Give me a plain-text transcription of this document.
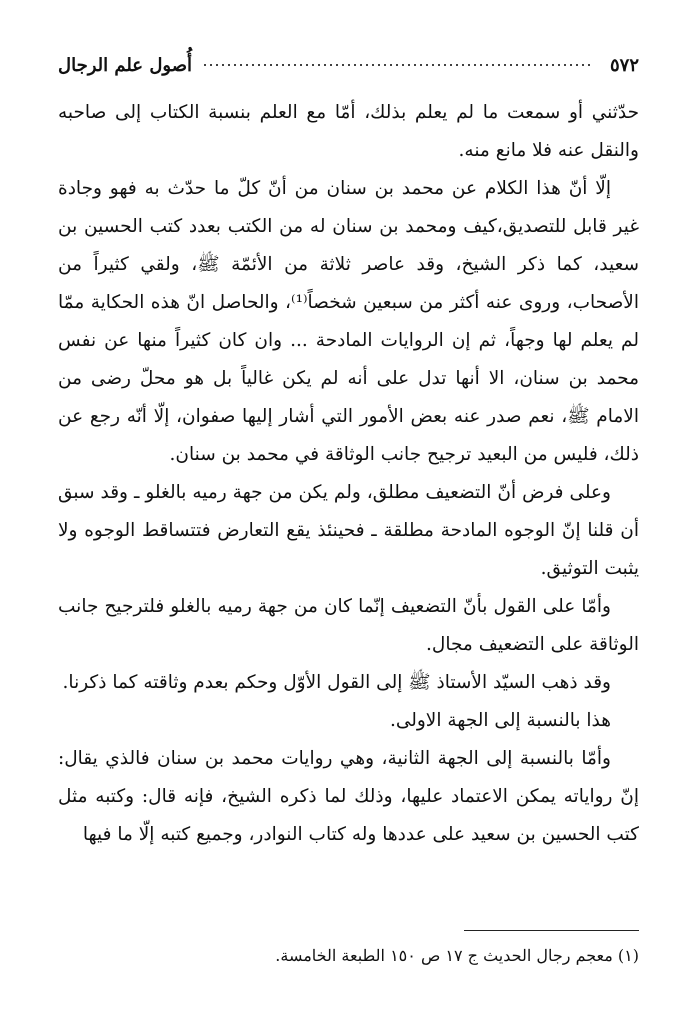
٥٧٢
أُصول علم الرجال

حدّثني أو سمعت ما لم يعلم بذلك، أمّا مع العلم بنسبة الكتاب إلى صاحبه والنقل عنه فلا مانع منه.

إلّا أنّ هذا الكلام عن محمد بن سنان من أنّ كلّ ما حدّث به فهو وجادة غير قابل للتصديق،كيف ومحمد بن سنان له من الكتب بعدد كتب الحسين بن سعيد، كما ذكر الشيخ، وقد عاصر ثلاثة من الأئمّة ﷺ، ولقي كثيراً من الأصحاب، وروى عنه أكثر من سبعين شخصاً⁽¹⁾، والحاصل انّ هذه الحكاية ممّا لم يعلم لها وجهاً، ثم إن الروايات المادحة ... وان كان كثيراً منها عن نفس محمد بن سنان، الا أنها تدل على أنه لم يكن غالياً بل هو محلّ رضى من الامام ﷺ، نعم صدر عنه بعض الأمور التي أشار إليها صفوان، إلّا أنّه رجع عن ذلك، فليس من البعيد ترجيح جانب الوثاقة في محمد بن سنان.

وعلى فرض أنّ التضعيف مطلق، ولم يكن من جهة رميه بالغلو ـ وقد سبق أن قلنا إنّ الوجوه المادحة مطلقة ـ فحينئذ يقع التعارض فتتساقط الوجوه ولا يثبت التوثيق.

وأمّا على القول بأنّ التضعيف إنّما كان من جهة رميه بالغلو فلترجيح جانب الوثاقة على التضعيف مجال.

وقد ذهب السيّد الأستاذ ﷺ إلى القول الأوّل وحكم بعدم وثاقته كما ذكرنا.

هذا بالنسبة إلى الجهة الاولى.

وأمّا بالنسبة إلى الجهة الثانية، وهي روايات محمد بن سنان فالذي يقال: إنّ رواياته يمكن الاعتماد عليها، وذلك لما ذكره الشيخ، فإنه قال: وكتبه مثل كتب الحسين بن سعيد على عددها وله كتاب النوادر، وجميع كتبه إلّا ما فيها

(١) معجم رجال الحديث ج ١٧ ص ١٥٠ الطبعة الخامسة.
